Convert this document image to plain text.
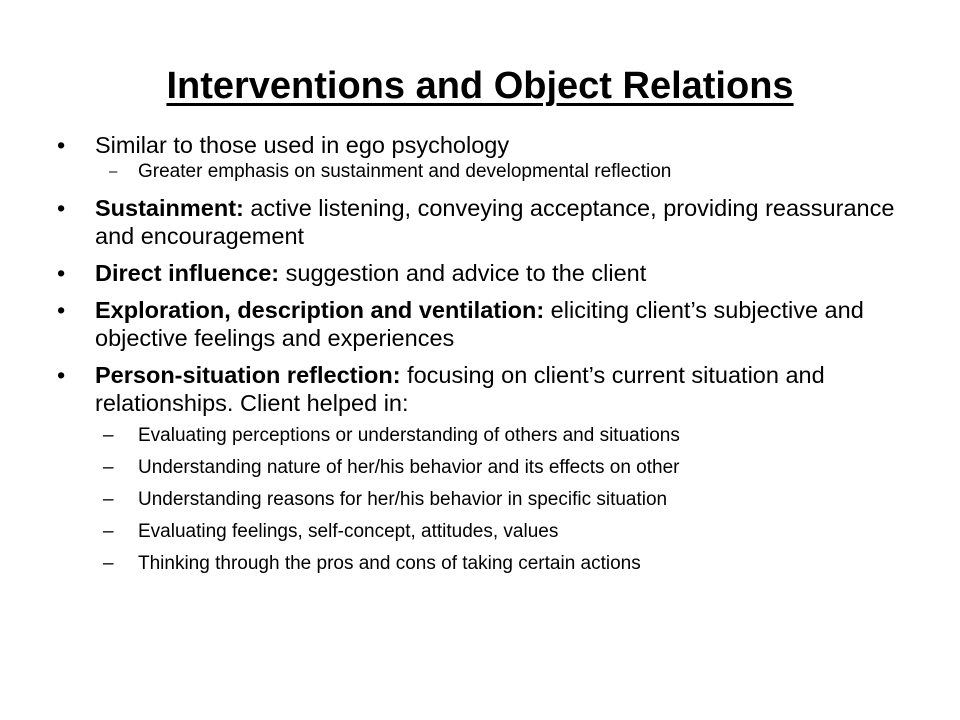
Interventions and Object Relations
• Similar to those used in ego psychology
– Greater emphasis on sustainment and developmental reflection
• Sustainment: active listening, conveying acceptance, providing reassurance and encouragement
• Direct influence: suggestion and advice to the client
• Exploration, description and ventilation: eliciting client’s subjective and objective feelings and experiences
• Person-situation reflection: focusing on client’s current situation and relationships. Client helped in:
– Evaluating perceptions or understanding of others and situations
– Understanding nature of her/his behavior and its effects on other
– Understanding reasons for her/his behavior in specific situation
– Evaluating feelings, self-concept, attitudes, values
– Thinking through the pros and cons of taking certain actions
